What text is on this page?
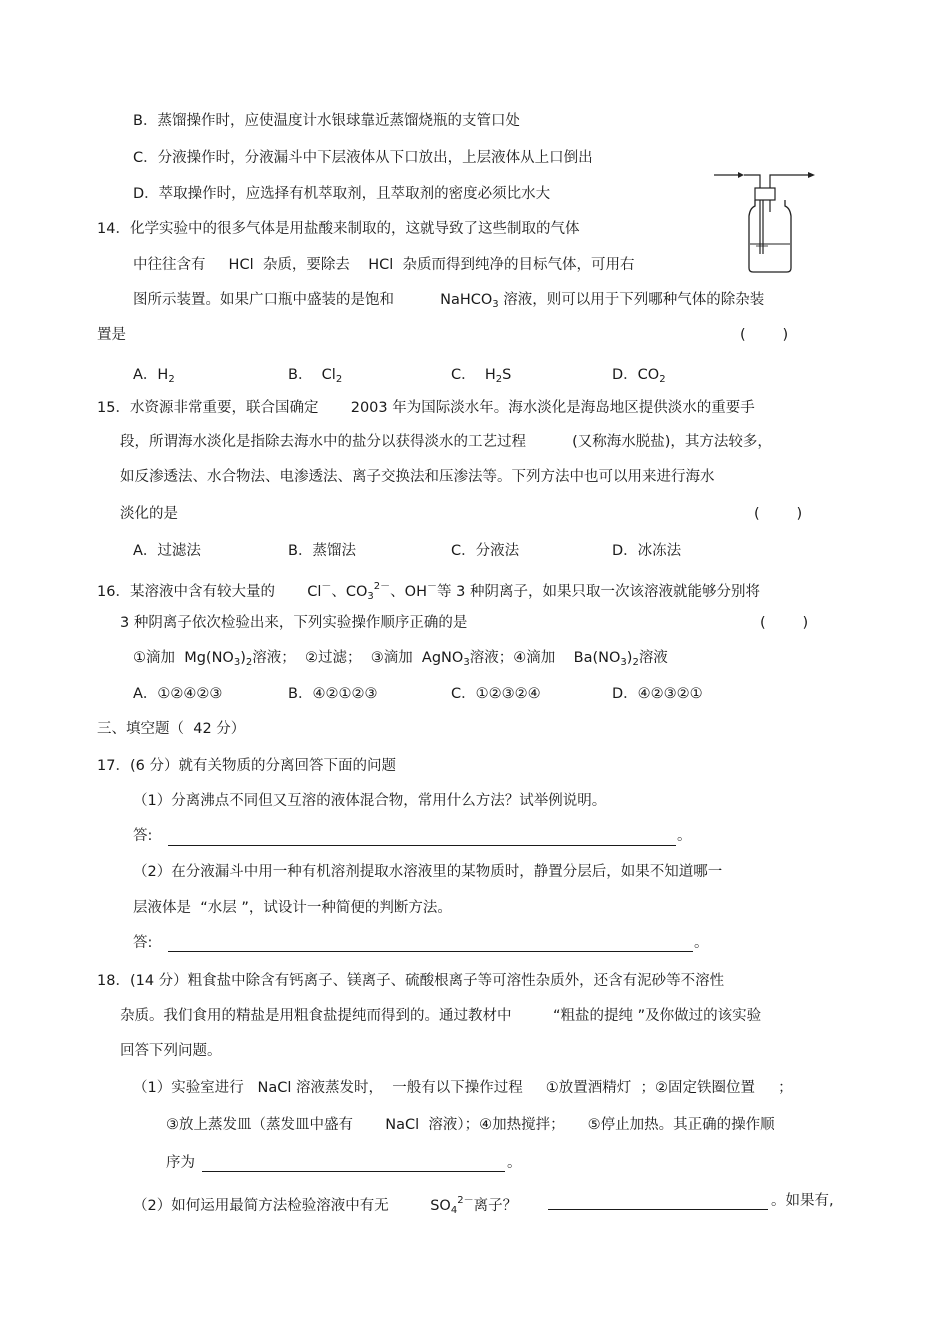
B．蒸馏操作时，应使温度计水银球靠近蒸馏烧瓶的支管口处
C．分液操作时，分液漏斗中下层液体从下口放出，上层液体从上口倒出
D．萃取操作时，应选择有机萃取剂，且萃取剂的密度必须比水大
14．化学实验中的很多气体是用盐酸来制取的，这就导致了这些制取的气体
中往往含有 HCl 杂质，要除去 HCl 杂质而得到纯净的目标气体，可用右
图所示装置。如果广口瓶中盛装的是饱和	NaHCO$_3$ 溶液，则可以用于下列哪种气体的除杂装
置是	(        )
A．$H_2$	B．  $Cl_2$	C．  $H_2S$	D．$CO_2$
15．水资源非常重要，联合国确定 2003 年为国际淡水年。海水淡化是海岛地区提供淡水的重要手
段，所谓海水淡化是指除去海水中的盐分以获得淡水的工艺过程	(又称海水脱盐)，其方法较多，
如反渗透法、水合物法、电渗透法、离子交换法和压渗法等。下列方法中也可以用来进行海水
淡化的是	(        )
A．过滤法	B．蒸馏法	C．分液法	D．冰冻法
16．某溶液中含有较大量的 Cl－、$CO_3^{2-}$、OH－等 3 种阴离子，如果只取一次该溶液就能够分别将
3 种阴离子依次检验出来，下列实验操作顺序正确的是	(        )
①滴加  $Mg(NO_3)_2$溶液；  ②过滤；  ③滴加  AgNO$_3$溶液；④滴加    $Ba(NO_3)_2$溶液
A．①②④②③	B．④②①②③	C．①②③②④	D．④②③②①
三、填空题（  42 分）
17．(6 分）就有关物质的分离回答下面的问题
（1）分离沸点不同但又互溶的液体混合物，常用什么方法？试举例说明。
答:	。
（2）在分液漏斗中用一种有机溶剂提取水溶液里的某物质时，静置分层后，如果不知道哪一
层液体是  “水层 ”，试设计一种简便的判断方法。
答:	。
18．(14 分）粗食盐中除含有钙离子、镁离子、硫酸根离子等可溶性杂质外，还含有泥砂等不溶性
杂质。我们食用的精盐是用粗食盐提纯而得到的。通过教材中	“粗盐的提纯 ”及你做过的该实验
回答下列问题。
（1）实验室进行   NaCl 溶液蒸发时，  一般有以下操作过程     ①放置酒精灯  ；②固定铁圈位置     ；
③放上蒸发皿（蒸发皿中盛有       NaCl  溶液）；④加热搅拌；     ⑤停止加热。其正确的操作顺
序为	。
（2）如何运用最简方法检验溶液中有无	$SO_4^{2-}$离子？	。如果有,
